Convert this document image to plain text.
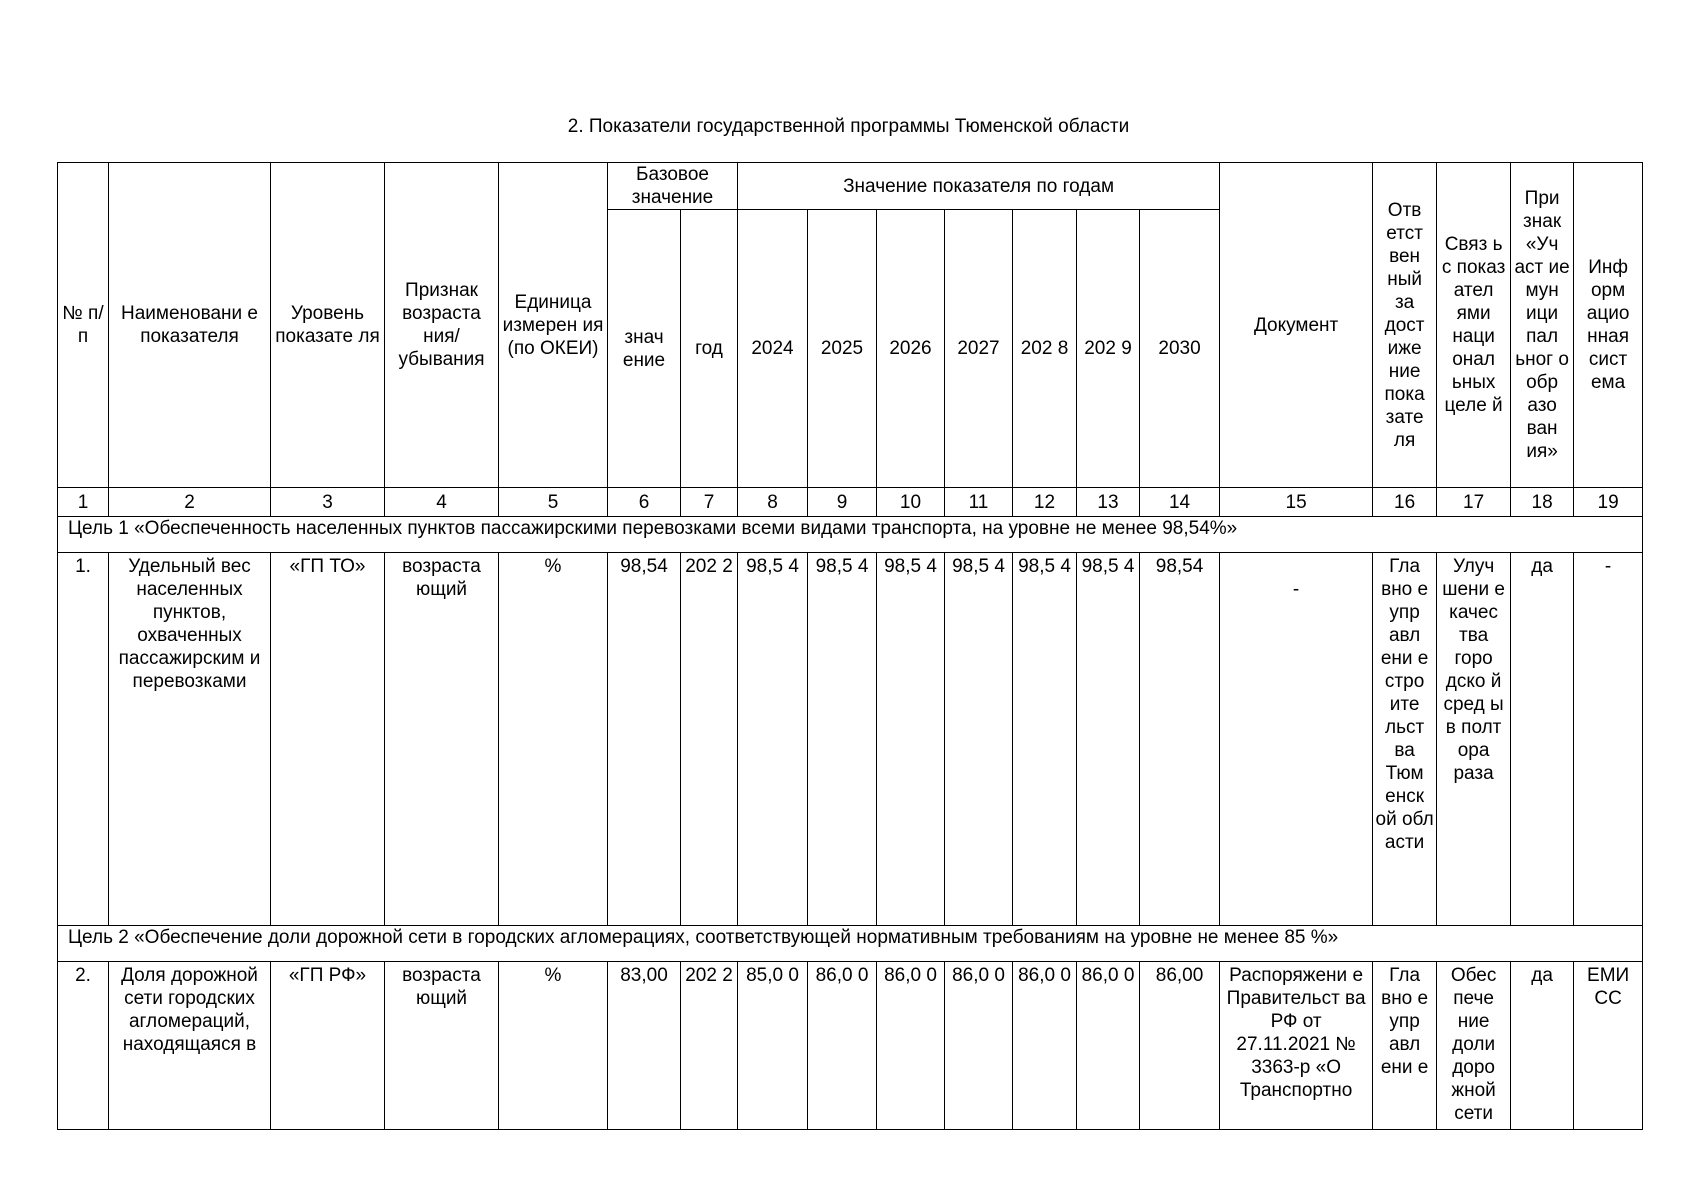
2. Показатели государственной программы Тюменской области
№ п/п	Наименовани е показателя	Уровень показате ля	Признак возраста ния/ убывания	Единица измерен ия (по ОКЕИ)	Базовое значение		Значение показателя по годам							Документ	Отв етст вен ный за дост иже ние пока зате ля	Связ ь с показ ател ями наци онал ьных целе й	При знак «Уч аст ие мун ици пал ьног о обр азо ван ия»	Инф орм ацио нная сист ема
					знач ение	год	2024	2025	2026	2027	202 8	202 9	2030					
1	2	3	4	5	6	7	8	9	10	11	12	13	14	15	16	17	18	19
Цель 1 «Обеспеченность населенных пунктов пассажирскими перевозками всеми видами транспорта, на уровне не менее 98,54%»																		
1.	Удельный вес населенных пунктов, охваченных пассажирским и перевозками	«ГП ТО»	возраста ющий	%	98,54	202 2	98,5 4	98,5 4	98,5 4	98,5 4	98,5 4	98,5 4	98,54	-	Гла вно е упр авл ени е стро ите льст ва Тюм енск ой обл асти	Улуч шени е качес тва горо дско й сред ы в полт ора раза	да	-
Цель 2 «Обеспечение доли дорожной сети в городских агломерациях, соответствующей нормативным требованиям на уровне не менее 85 %»																		
2.	Доля дорожной сети городских агломераций, находящаяся в	«ГП РФ»	возраста ющий	%	83,00	202 2	85,0 0	86,0 0	86,0 0	86,0 0	86,0 0	86,0 0	86,00	Распоряжени е Правительст ва РФ от 27.11.2021 № 3363-р «О Транспортно	Гла вно е упр авл ени е	Обес пече ние доли доро жной сети	да	ЕМИ СС
